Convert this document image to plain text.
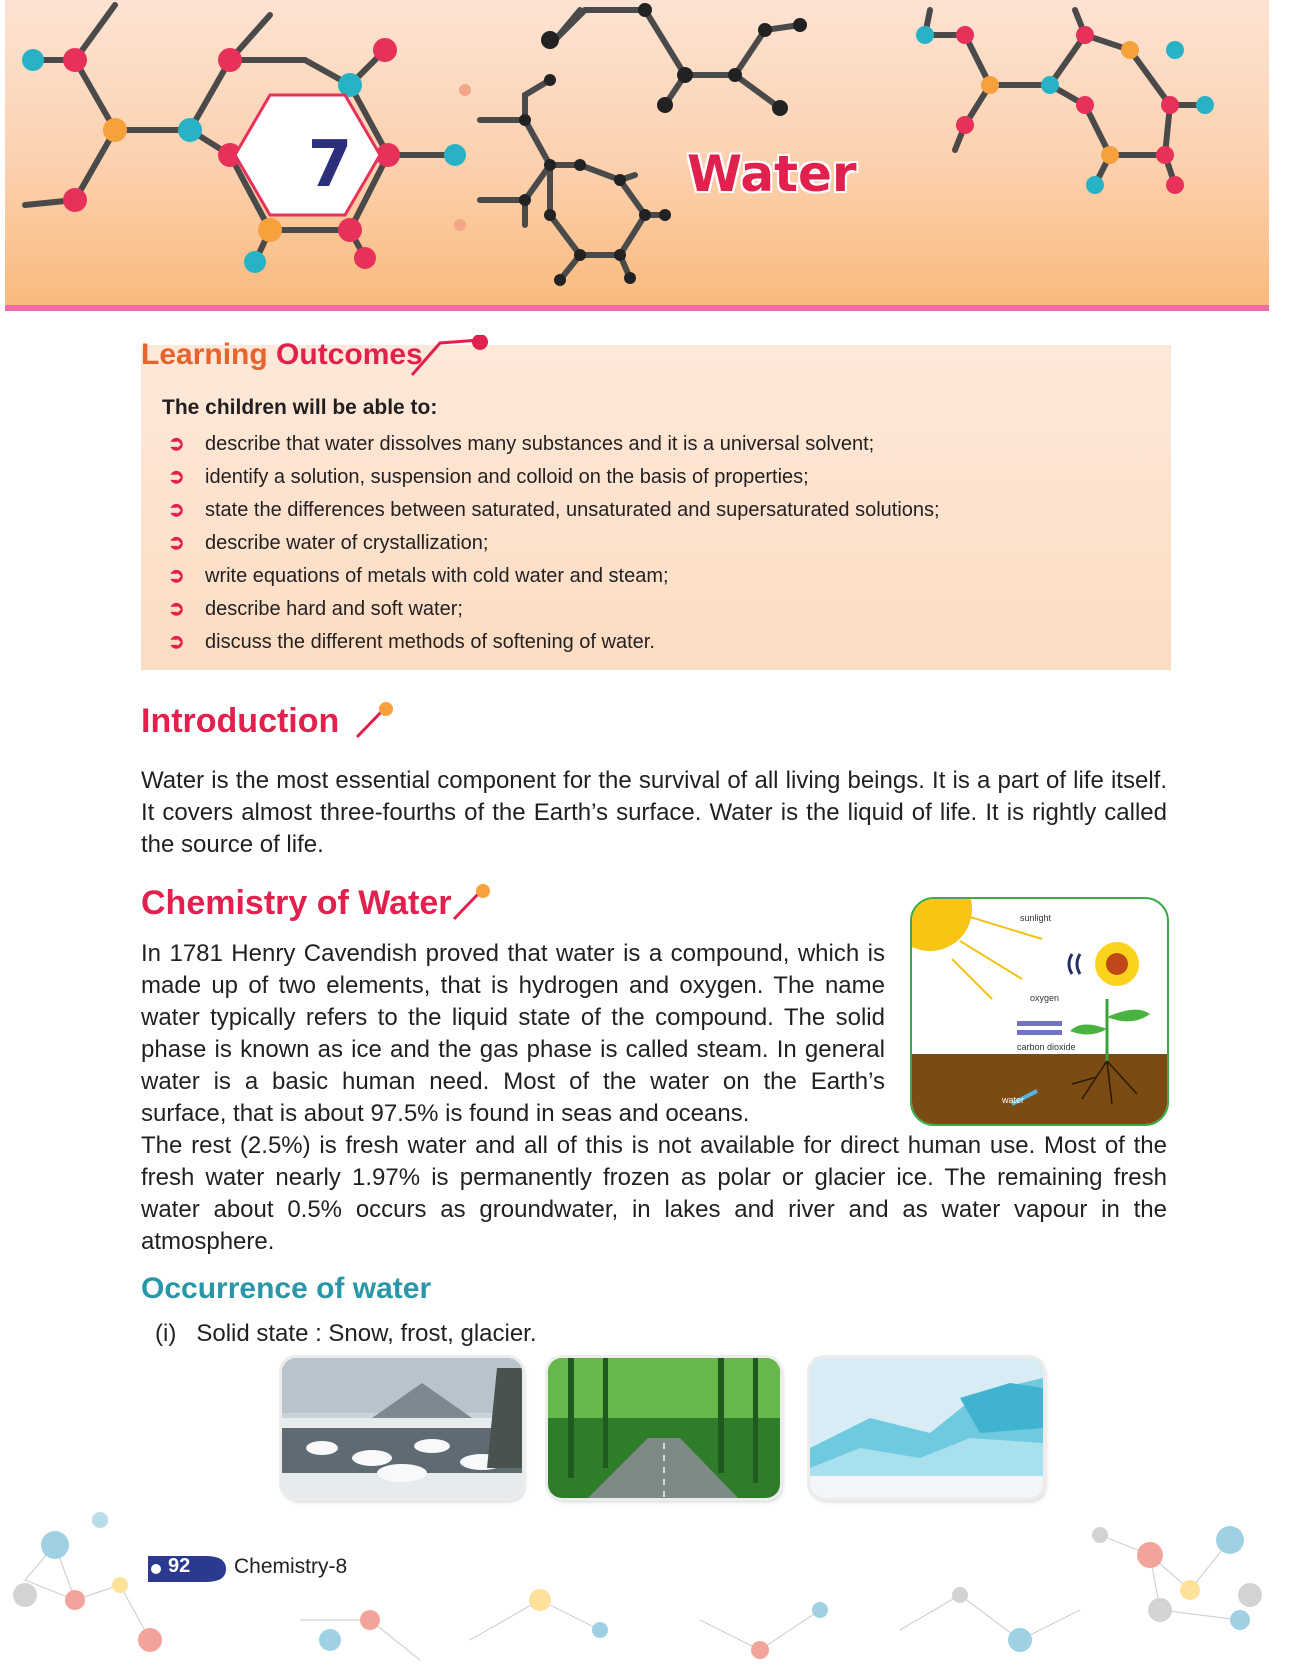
7	Water
Learning Outcomes
The children will be able to:
➲ describe that water dissolves many substances and it is a universal solvent;
➲ identify a solution, suspension and colloid on the basis of properties;
➲ state the differences between saturated, unsaturated and supersaturated solutions;
➲ describe water of crystallization;
➲ write equations of metals with cold water and steam;
➲ describe hard and soft water;
➲ discuss the different methods of softening of water.
Introduction

Water is the most essential component for the survival of all living beings. It is a part of life itself. It covers almost three-fourths of the Earth’s surface. Water is the liquid of life. It is rightly called the source of life.

Chemistry of Water

In 1781 Henry Cavendish proved that water is a compound, which is made up of two elements, that is hydrogen and oxygen. The name water typically refers to the liquid state of the compound. The solid phase is known as ice and the gas phase is called steam. In general water is a basic human need. Most of the water on the Earth’s surface, that is about 97.5% is found in seas and oceans.

The rest (2.5%) is fresh water and all of this is not available for direct human use. Most of the fresh water nearly 1.97% is permanently frozen as polar or glacier ice. The remaining fresh water about 0.5% occurs as groundwater, in lakes and river and as water vapour in the atmosphere.

sunlight
oxygen
carbon dioxide
water
Occurrence of water
(i) Solid state : Snow, frost, glacier.
92 Chemistry-8
